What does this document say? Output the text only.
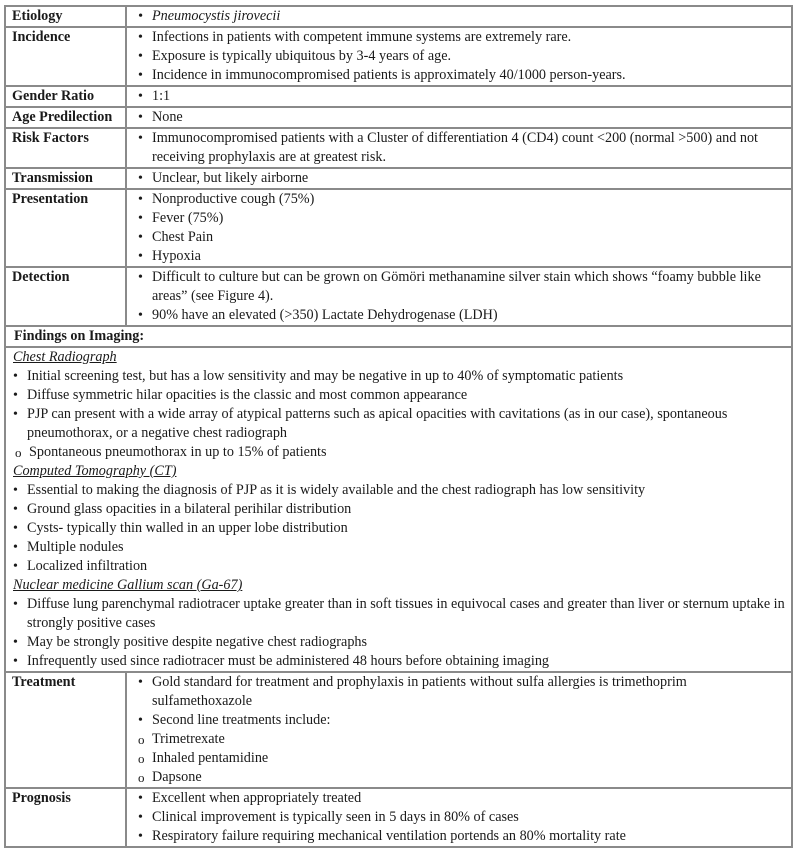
Etiology	• Pneumocystis jirovecii
Incidence	• Infections in patients with competent immune systems are extremely rare.
• Exposure is typically ubiquitous by 3-4 years of age.
• Incidence in immunocompromised patients is approximately 40/1000 person-years.
Gender Ratio	• 1:1
Age Predilection	• None
Risk Factors	• Immunocompromised patients with a Cluster of differentiation 4 (CD4) count <200 (normal >500) and not receiving prophylaxis are at greatest risk.
Transmission	• Unclear, but likely airborne
Presentation	• Nonproductive cough (75%)
• Fever (75%)
• Chest Pain
• Hypoxia
Detection	• Difficult to culture but can be grown on Gömöri methanamine silver stain which shows “foamy bubble like areas” (see Figure 4).
• 90% have an elevated (>350) Lactate Dehydrogenase (LDH)
Findings on Imaging:
Chest Radiograph
• Initial screening test, but has a low sensitivity and may be negative in up to 40% of symptomatic patients
• Diffuse symmetric hilar opacities is the classic and most common appearance
• PJP can present with a wide array of atypical patterns such as apical opacities with cavitations (as in our case), spontaneous pneumothorax, or a negative chest radiograph
o Spontaneous pneumothorax in up to 15% of patients
Computed Tomography (CT)
• Essential to making the diagnosis of PJP as it is widely available and the chest radiograph has low sensitivity
• Ground glass opacities in a bilateral perihilar distribution
• Cysts- typically thin walled in an upper lobe distribution
• Multiple nodules
• Localized infiltration
Nuclear medicine Gallium scan (Ga-67)
• Diffuse lung parenchymal radiotracer uptake greater than in soft tissues in equivocal cases and greater than liver or sternum uptake in strongly positive cases
• May be strongly positive despite negative chest radiographs
• Infrequently used since radiotracer must be administered 48 hours before obtaining imaging
Treatment	• Gold standard for treatment and prophylaxis in patients without sulfa allergies is trimethoprim sulfamethoxazole
• Second line treatments include:
o Trimetrexate
o Inhaled pentamidine
o Dapsone
Prognosis	• Excellent when appropriately treated
• Clinical improvement is typically seen in 5 days in 80% of cases
• Respiratory failure requiring mechanical ventilation portends an 80% mortality rate
